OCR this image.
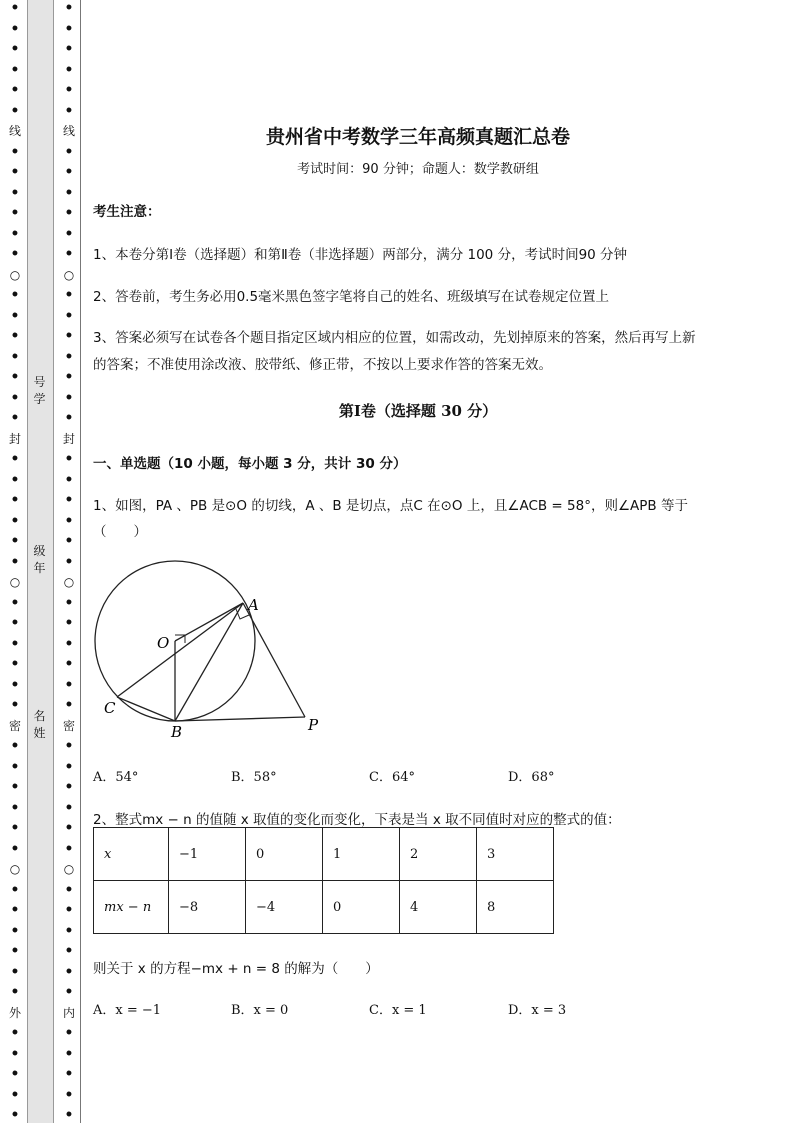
•
•
•
•
•
•
线
•
•
•
•
•
•
○
•
•
•
•
•
•
•
封
•
•
•
•
•
•
○
•
•
•
•
•
•
密
•
•
•
•
•
•
○
•
•
•
•
•
•
外
•
•
•
•
•
•
•
•
•
•
•
线
•
•
•
•
•
•
○
•
•
•
•
•
•
•
封
•
•
•
•
•
•
○
•
•
•
•
•
•
密
•
•
•
•
•
•
○
•
•
•
•
•
•
内
•
•
•
•
•
号
学
级
年
名
姓
贵州省中考数学三年高频真题汇总卷
考试时间：90 分钟；命题人：数学教研组
考生注意：
1、本卷分第Ⅰ卷（选择题）和第Ⅱ卷（非选择题）两部分，满分 100 分，考试时间90 分钟
2、答卷前，考生务必用0.5毫米黑色签字笔将自己的姓名、班级填写在试卷规定位置上
3、答案必须写在试卷各个题目指定区域内相应的位置，如需改动，先划掉原来的答案，然后再写上新
的答案；不准使用涂改液、胶带纸、修正带，不按以上要求作答的答案无效。
第Ⅰ卷（选择题 30 分）
一、单选题（10 小题，每小题 3 分，共计 30 分）
1、如图，PA 、PB 是⊙O 的切线，A 、B 是切点，点C 在⊙O 上，且∠ACB = 58°，则∠APB 等于
（　　）
A
O
C
B	P
A．54°	B．58°	C．64°	D．68°
2、整式mx − n 的值随 x 取值的变化而变化，下表是当 x 取不同值时对应的整式的值：
x	−1	0	1	2	3
mx − n	−8	−4	0	4	8
则关于 x 的方程−mx + n = 8 的解为（　　）
A．x = −1	B．x = 0	C．x = 1	D．x = 3
